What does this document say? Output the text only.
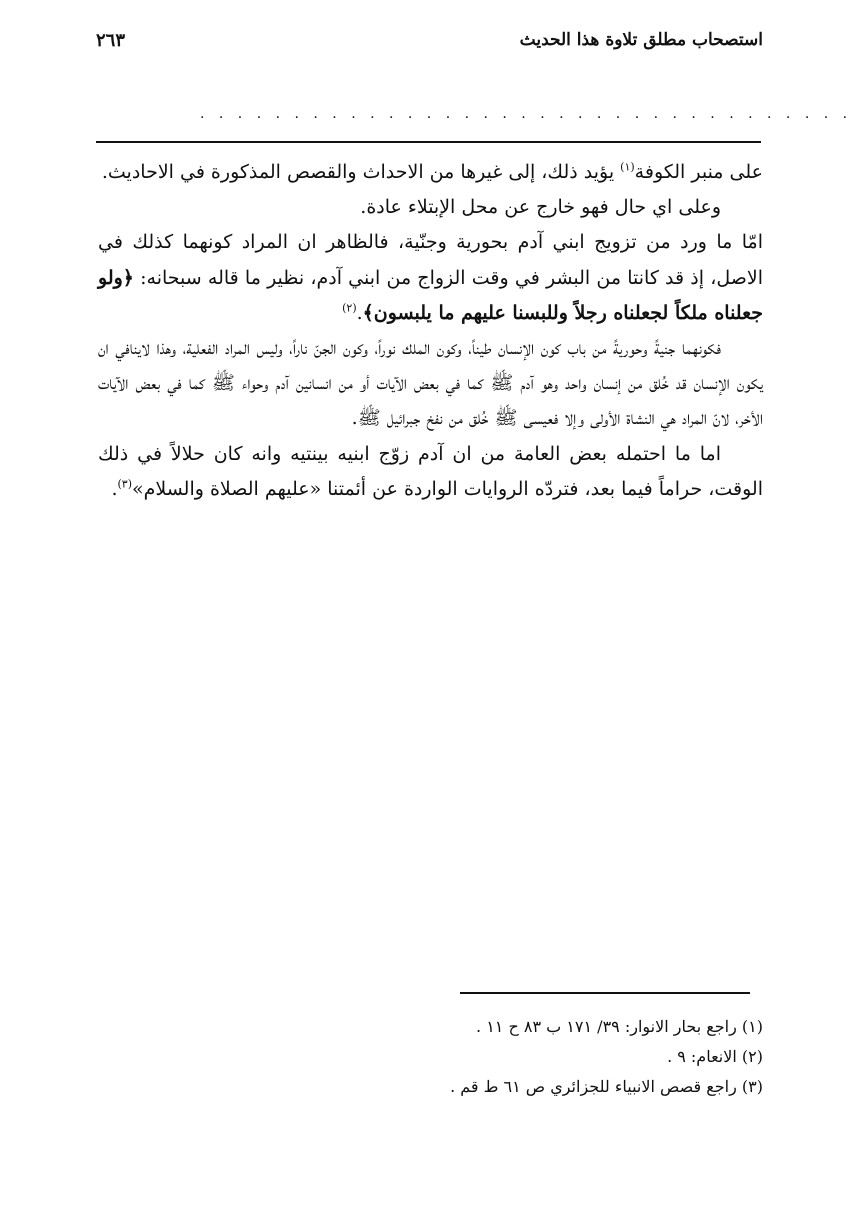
استصحاب مطلق تلاوة هذا الحديث
٢٦٣
. . . . . . . . . . . . . . . . . . . . . . . . . . . . . . . . . . .

على منبر الكوفة$^{(١)}$ يؤيد ذلك، إلى غيرها من الاحداث والقصص المذكورة في الاحاديث.

وعلى اي حال فهو خارج عن محل الإبتلاء عادة.

امّا ما ورد من تزويج ابني آدم بحورية وجنّية، فالظاهر ان المراد كونهما كذلك في الاصل، إذ قد كانتا من البشر في وقت الزواج من ابني آدم، نظير ما قاله سبحانه: ﴿ولو جعلناه ملكاً لجعلناه رجلاً وللبسنا عليهم ما يلبسون﴾.$^{(٢)}$

فكونهما جنيةً وحوريةً من باب كون الإنسان طيناً، وكون الملك نوراً، وكون الجنّ ناراً، وليس المراد الفعلية، وهذا لاينافي ان يكون الإنسان قد خُلق من إنسان واحد وهو آدم ﷺ كما في بعض الآيات أو من انسانين آدم وحواء ﷺ كما في بعض الآيات الأخر، لانّ المراد هي النشاة الأولى وإلا فعيسى ﷺ خُلق من نفخ جبرائيل ﷺ.

اما ما احتمله بعض العامة من ان آدم زوّج ابنيه بينتيه وانه كان حلالاً في ذلك الوقت، حراماً فيما بعد، فتردّه الروايات الواردة عن أئمتنا «عليهم الصلاة والسلام»$^{(٣)}$.

(١) راجع بحار الانوار: ٣٩/ ١٧١ ب ٨٣ ح ١١ .

(٢) الانعام: ٩ .

(٣) راجع قصص الانبياء للجزائري ص ٦١ ط قم .
